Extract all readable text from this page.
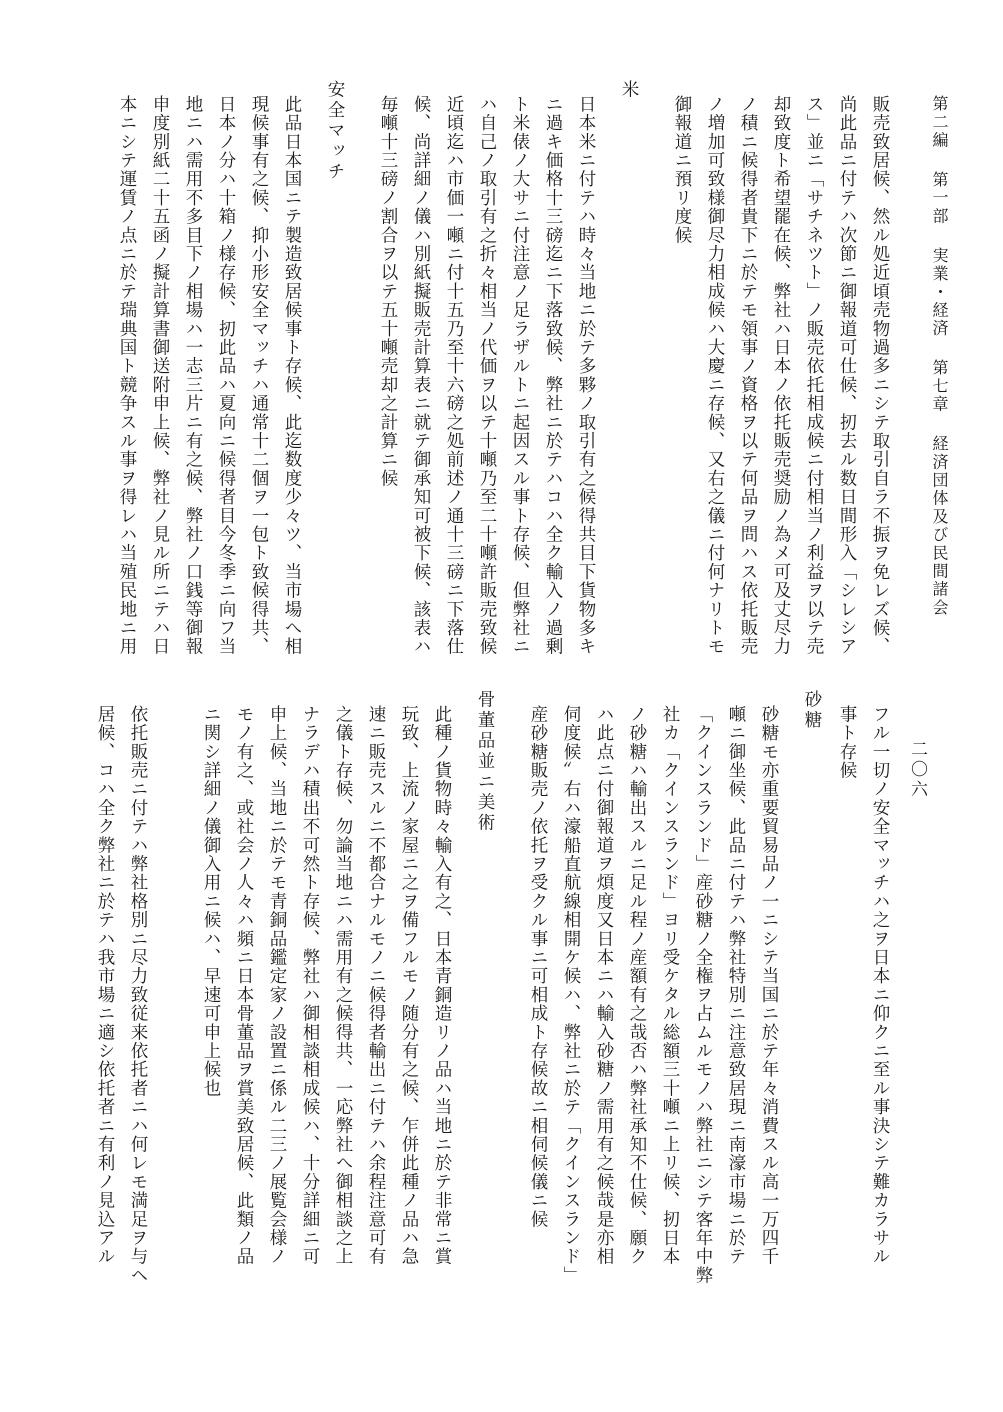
第二編 第一部 実業・経済 第七章 経済団体及び民間諸会
二〇六
販売致居候、然ル処近頃売物過多ニシテ取引自ラ不振ヲ免レズ候、
尚此品ニ付テハ次節ニ御報道可仕候、扨去ル数日間形入「シレシア
ス」並ニ「サチネツト」ノ販売依托相成候ニ付相当ノ利益ヲ以テ売
却致度ト希望罷在候、弊社ハ日本ノ依托販売奨励ノ為メ可及丈尽力
ノ積ニ候得者貴下ニ於テモ領事ノ資格ヲ以テ何品ヲ問ハス依托販売
ノ増加可致様御尽力相成候ハ大慶ニ存候、又右之儀ニ付何ナリトモ
御報道ニ預リ度候
米
日本米ニ付テハ時々当地ニ於テ多夥ノ取引有之候得共目下貨物多キ
ニ過キ価格十三磅迄ニ下落致候、弊社ニ於テハコハ全ク輸入ノ過剰
ト米俵ノ大サニ付注意ノ足ラザルトニ起因スル事ト存候、但弊社ニ
ハ自己ノ取引有之折々相当ノ代価ヲ以テ十噸乃至二十噸許販売致候
近頃迄ハ市価一噸ニ付十五乃至十六磅之処前述ノ通十三磅ニ下落仕
候、尚詳細ノ儀ハ別紙擬販売計算表ニ就テ御承知可被下候、該表ハ
毎噸十三磅ノ割合ヲ以テ五十噸売却之計算ニ候
安全マッチ
此品日本国ニテ製造致居候事ト存候、此迄数度少々ツ、当市場へ相
現候事有之候、抑小形安全マッチハ通常十二個ヲ一包ト致候得共、
日本ノ分ハ十箱ノ様存候、扨此品ハ夏向ニ候得者目今冬季ニ向フ当
地ニハ需用不多目下ノ相場ハ一志三片ニ有之候、弊社ノ口銭等御報
申度別紙二十五函ノ擬計算書御送附申上候、弊社ノ見ル所ニテハ日
本ニシテ運賃ノ点ニ於テ瑞典国ト競争スル事ヲ得レハ当殖民地ニ用
フル一切ノ安全マッチハ之ヲ日本ニ仰クニ至ル事決シテ難カラサル
事ト存候
砂糖
砂糖モ亦重要貿易品ノ一ニシテ当国ニ於テ年々消費スル高一万四千
噸ニ御坐候、此品ニ付テハ弊社特別ニ注意致居現ニ南濠市場ニ於テ
「クインスランド」産砂糖ノ全権ヲ占ムルモノハ弊社ニシテ客年中弊
社カ「クインスランド」ヨリ受ケタル総額三十噸ニ上リ候、扨日本
ノ砂糖ハ輸出スルニ足ル程ノ産額有之哉否ハ弊社承知不仕候、願ク
ハ此点ニ付御報道ヲ煩度又日本ニハ輸入砂糖ノ需用有之候哉是亦相
伺度候〟右ハ濠船直航線相開ケ候ハ、弊社ニ於テ「クインスランド」
産砂糖販売ノ依托ヲ受クル事ニ可相成ト存候故ニ相伺候儀ニ候
骨董品並ニ美術
此種ノ貨物時々輸入有之、日本青銅造リノ品ハ当地ニ於テ非常ニ賞
玩致、上流ノ家屋ニ之ヲ備フルモノ随分有之候、乍併此種ノ品ハ急
速ニ販売スルニ不都合ナルモノニ候得者輸出ニ付テハ余程注意可有
之儀ト存候、勿論当地ニハ需用有之候得共、一応弊社へ御相談之上
ナラデハ積出不可然ト存候、弊社ハ御相談相成候ハ、十分詳細ニ可
申上候、当地ニ於テモ青銅品鑑定家ノ設置ニ係ル二三ノ展覧会様ノ
モノ有之、或社会ノ人々ハ頻ニ日本骨董品ヲ賞美致居候、此類ノ品
ニ関シ詳細ノ儀御入用ニ候ハ、早速可申上候也
依托販売ニ付テハ弊社格別ニ尽力致従来依托者ニハ何レモ満足ヲ与ヘ
居候、コハ全ク弊社ニ於テハ我市場ニ適シ依托者ニ有利ノ見込アル
